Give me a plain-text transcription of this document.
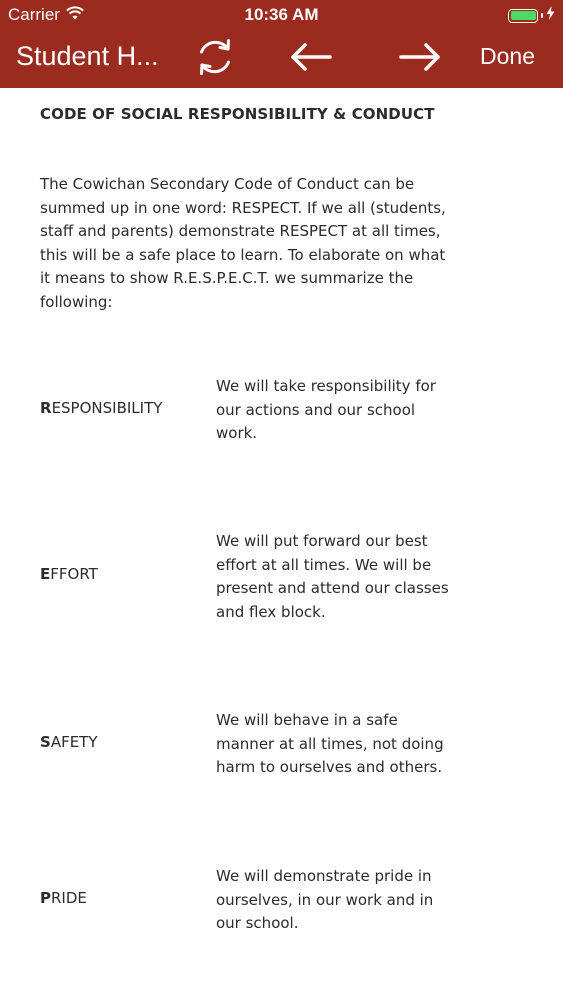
Carrier	10:36 AM
Student H...	Done
CODE OF SOCIAL RESPONSIBILITY & CONDUCT
The Cowichan Secondary Code of Conduct can be summed up in one word: RESPECT. If we all (students, staff and parents) demonstrate RESPECT at all times, this will be a safe place to learn. To elaborate on what it means to show R.E.S.P.E.C.T. we summarize the following:
RESPONSIBILITY
We will take responsibility for our actions and our school work.
EFFORT
We will put forward our best effort at all times. We will be present and attend our classes and flex block.
SAFETY
We will behave in a safe manner at all times, not doing harm to ourselves and others.
PRIDE
We will demonstrate pride in ourselves, in our work and in our school.
